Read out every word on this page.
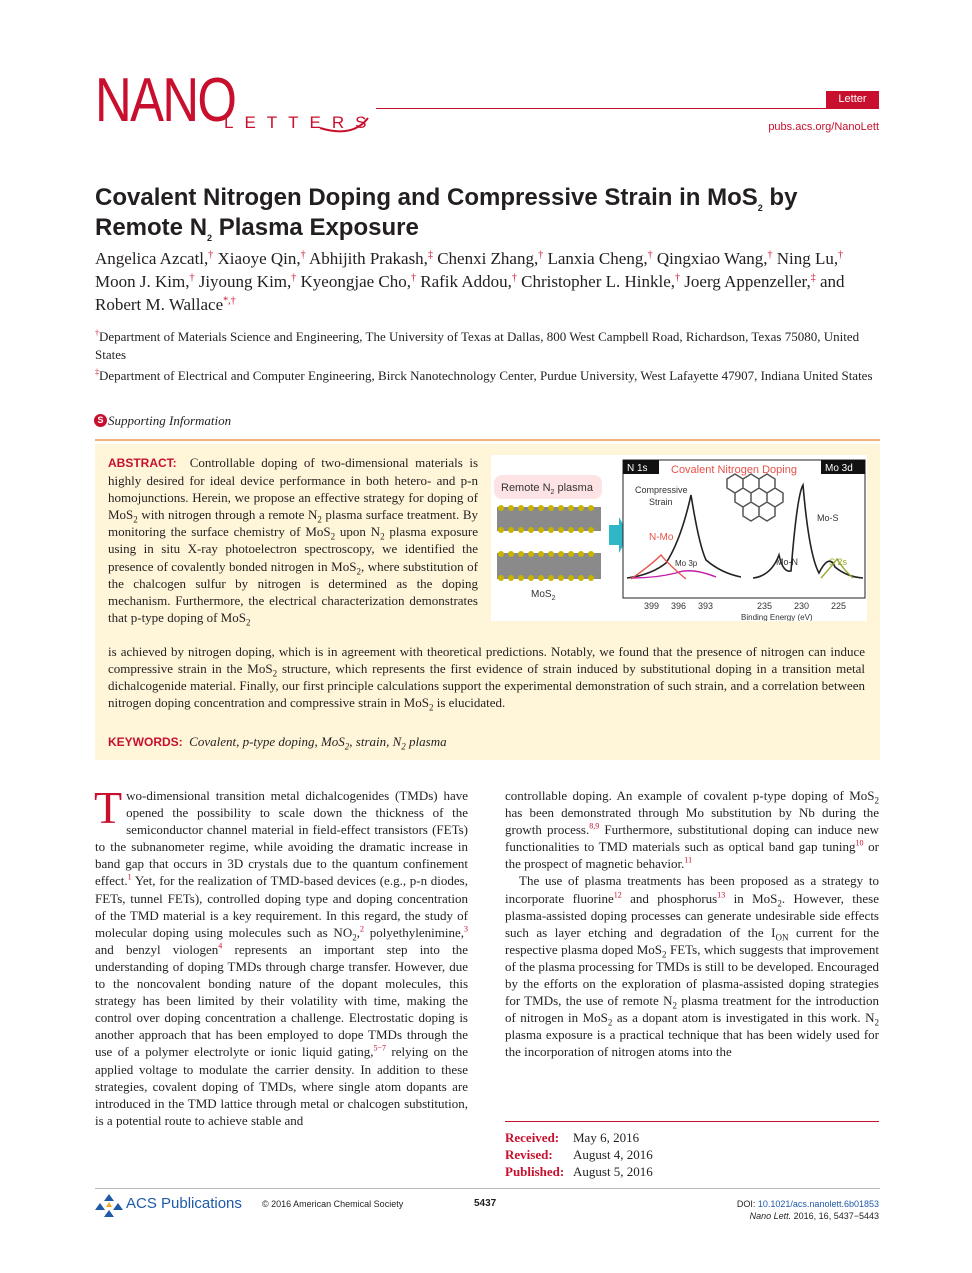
NANO
LETTERS
Letter
pubs.acs.org/NanoLett
Covalent Nitrogen Doping and Compressive Strain in MoS$_2$ by Remote $N_2$ Plasma Exposure
Angelica Azcatl,† Xiaoye Qin,† Abhijith Prakash,‡ Chenxi Zhang,† Lanxia Cheng,† Qingxiao Wang,† Ning Lu,† Moon J. Kim,† Jiyoung Kim,† Kyeongjae Cho,† Rafik Addou,† Christopher L. Hinkle,† Joerg Appenzeller,‡ and Robert M. Wallace*,†
†Department of Materials Science and Engineering, The University of Texas at Dallas, 800 West Campbell Road, Richardson, Texas 75080, United States
‡Department of Electrical and Computer Engineering, Birck Nanotechnology Center, Purdue University, West Lafayette 47907, Indiana United States
S Supporting Information
ABSTRACT: Controllable doping of two-dimensional materials is highly desired for ideal device performance in both hetero- and p-n homojunctions. Herein, we propose an effective strategy for doping of MoS$_2$ with nitrogen through a remote $N_2$ plasma surface treatment. By monitoring the surface chemistry of MoS$_2$ upon $N_2$ plasma exposure using in situ X-ray photoelectron spectroscopy, we identified the presence of covalently bonded nitrogen in MoS$_2$, where substitution of the chalcogen sulfur by nitrogen is determined as the doping mechanism. Furthermore, the electrical characterization demonstrates that p-type doping of MoS$_2$
is achieved by nitrogen doping, which is in agreement with theoretical predictions. Notably, we found that the presence of nitrogen can induce compressive strain in the MoS$_2$ structure, which represents the first evidence of strain induced by substitutional doping in a transition metal dichalcogenide material. Finally, our first principle calculations support the experimental demonstration of such strain, and a correlation between nitrogen doping concentration and compressive strain in MoS$_2$ is elucidated.
KEYWORDS: Covalent, p-type doping, MoS$_2$, strain, $N_2$ plasma
Remote $N_2$ plasma
MoS$_2$
N 1s	Mo 3d
Covalent Nitrogen Doping
Compressive
Strain
N-Mo
Mo 3p
Mo-S
Mo-N	S 2s
399 396 393	235 230 225
Binding Energy (eV)
Two-dimensional transition metal dichalcogenides (TMDs) have opened the possibility to scale down the thickness of the semiconductor channel material in field-effect transistors (FETs) to the subnanometer regime, while avoiding the dramatic increase in band gap that occurs in 3D crystals due to the quantum confinement effect.$^1$ Yet, for the realization of TMD-based devices (e.g., p-n diodes, FETs, tunnel FETs), controlled doping type and doping concentration of the TMD material is a key requirement. In this regard, the study of molecular doping using molecules such as $NO_2,^2$ polyethylenimine,$^3$ and benzyl viologen$^4$ represents an important step into the understanding of doping TMDs through charge transfer. However, due to the noncovalent bonding nature of the dopant molecules, this strategy has been limited by their volatility with time, making the control over doping concentration a challenge. Electrostatic doping is another approach that has been employed to dope TMDs through the use of a polymer electrolyte or ionic liquid gating,$^{5-7}$ relying on the applied voltage to modulate the carrier density. In addition to these strategies, covalent doping of TMDs, where single atom dopants are introduced in the TMD lattice through metal or chalcogen substitution, is a potential route to achieve stable and
controllable doping. An example of covalent p-type doping of MoS$_2$ has been demonstrated through Mo substitution by Nb during the growth process.$^{8,9}$ Furthermore, substitutional doping can induce new functionalities to TMD materials such as optical band gap tuning$^{10}$ or the prospect of magnetic behavior.$^{11}$
The use of plasma treatments has been proposed as a strategy to incorporate fluorine$^{12}$ and phosphorus$^{13}$ in MoS$_2$. However, these plasma-assisted doping processes can generate undesirable side effects such as layer etching and degradation of the $I_{ON}$ current for the respective plasma doped MoS$_2$ FETs, which suggests that improvement of the plasma processing for TMDs is still to be developed. Encouraged by the efforts on the exploration of plasma-assisted doping strategies for TMDs, the use of remote $N_2$ plasma treatment for the introduction of nitrogen in MoS$_2$ as a dopant atom is investigated in this work. $N_2$ plasma exposure is a practical technique that has been widely used for the incorporation of nitrogen atoms into the
Received: May 6, 2016
Revised: August 4, 2016
Published: August 5, 2016
ACS Publications © 2016 American Chemical Society	5437	DOI: 10.1021/acs.nanolett.6b01853
Nano Lett. 2016, 16, 5437−5443
